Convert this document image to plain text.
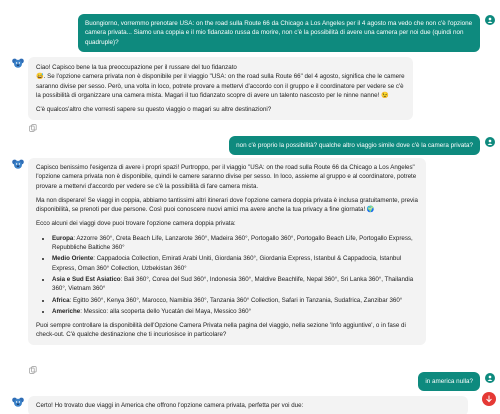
Buongiorno, vorremmo prenotare USA: on the road sulla Route 66 da Chicago a Los Angeles per il 4 agosto ma vedo che non c'è l'opzione camera privata... Siamo una coppia e il mio fidanzato russa da morire, non c'è la possibilità di avere una camera per noi due (quindi non quadruple)?

Ciao! Capisco bene la tua preoccupazione per il russare del tuo fidanzato
😅. Se l'opzione camera privata non è disponibile per il viaggio "USA: on the road sulla Route 66" del 4 agosto, significa che le camere saranno divise per sesso. Però, una volta in loco, potrete provare a mettervi d'accordo con il gruppo e il coordinatore per vedere se c'è la possibilità di organizzare una camera mista. Magari il tuo fidanzato scopre di avere un talento nascosto per le ninne nanne! 😉

C'è qualcos'altro che vorresti sapere su questo viaggio o magari su altre destinazioni?

non c'è proprio la possibilità? qualche altro viaggio simile dove c'è la camera privata?

Capisco benissimo l'esigenza di avere i propri spazi! Purtroppo, per il viaggio "USA: on the road sulla Route 66 da Chicago a Los Angeles" l'opzione camera privata non è disponibile, quindi le camere saranno divise per sesso. In loco, assieme al gruppo e al coordinatore, potrete provare a mettervi d'accordo per vedere se c'è la possibilità di fare camera mista.

Ma non disperare! Se viaggi in coppia, abbiamo tantissimi altri itinerari dove l'opzione camera doppia privata è inclusa gratuitamente, previa disponibilità, se prenoti per due persone. Così puoi conoscere nuovi amici ma avere anche la tua privacy a fine giornata! 🌍

Ecco alcuni dei viaggi dove puoi trovare l'opzione camera doppia privata:

• Europa: Azzorre 360°, Creta Beach Life, Lanzarote 360°, Madeira 360°, Portogallo 360°, Portogallo Beach Life, Portogallo Express, Repubbliche Baltiche 360°
• Medio Oriente: Cappadocia Collection, Emirati Arabi Uniti, Giordania 360°, Giordania Express, Istanbul & Cappadocia, Istanbul Express, Oman 360° Collection, Uzbekistan 360°
• Asia e Sud Est Asiatico: Bali 360°, Corea del Sud 360°, Indonesia 360°, Maldive Beachlife, Nepal 360°, Sri Lanka 360°, Thailandia 360°, Vietnam 360°
• Africa: Egitto 360°, Kenya 360°, Marocco, Namibia 360°, Tanzania 360° Collection, Safari in Tanzania, Sudafrica, Zanzibar 360°
• Americhe: Messico: alla scoperta dello Yucatán dei Maya, Messico 360°

Puoi sempre controllare la disponibilità dell'Opzione Camera Privata nella pagina del viaggio, nella sezione 'Info aggiuntive', o in fase di check-out. C'è qualche destinazione che ti incuriosisce in particolare?

in america nulla?

Certo! Ho trovato due viaggi in America che offrono l'opzione camera privata, perfetta per voi due:
